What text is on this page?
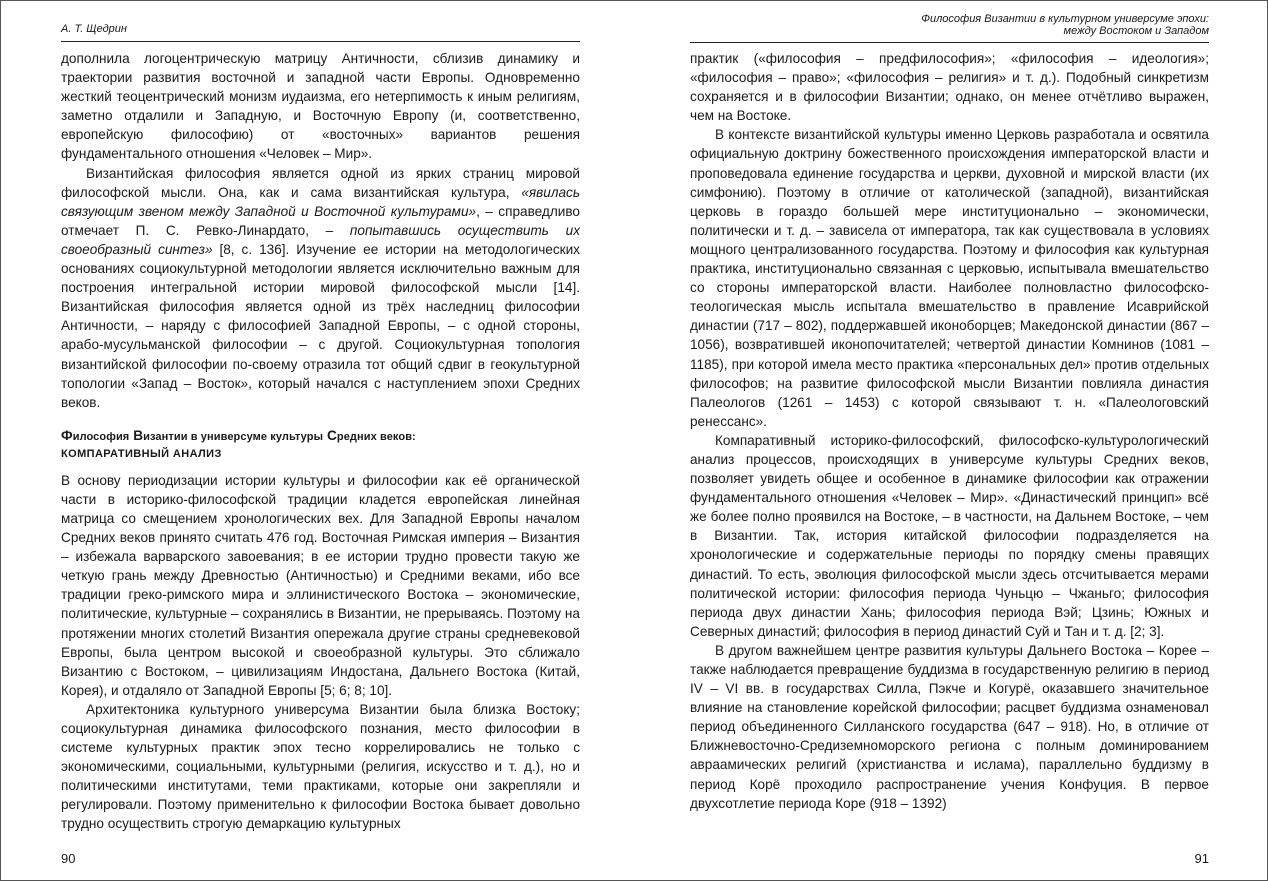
А. Т. Щедрин

дополнила логоцентрическую матрицу Античности, сблизив динамику и траектории развития восточной и западной части Европы. Одновременно жесткий теоцентрический монизм иудаизма, его нетерпимость к иным религиям, заметно отдалили и Западную, и Восточную Европу (и, соответственно, европейскую философию) от «восточных» вариантов решения фундаментального отношения «Человек – Мир».

Византийская философия является одной из ярких страниц мировой философской мысли. Она, как и сама византийская культура, «явилась связующим звеном между Западной и Восточной культурами», – справедливо отмечает П. С. Ревко-Линардато, – попытавшись осуществить их своеобразный синтез» [8, с. 136]. Изучение ее истории на методологических основаниях социокультурной методологии является исключительно важным для построения интегральной истории мировой философской мысли [14]. Византийская философия является одной из трёх наследниц философии Античности, – наряду с философией Западной Европы, – с одной стороны, арабо-мусульманской философии – с другой. Социокультурная топология византийской философии по-своему отразила тот общий сдвиг в геокультурной топологии «Запад – Восток», который начался с наступлением эпохи Средних веков.

Философия Византии в универсуме культуры Средних веков:
КОМПАРАТИВНЫЙ АНАЛИЗ

В основу периодизации истории культуры и философии как её органической части в историко-философской традиции кладется европейская линейная матрица со смещением хронологических вех. Для Западной Европы началом Средних веков принято считать 476 год. Восточная Римская империя – Византия – избежала варварского завоевания; в ее истории трудно провести такую же четкую грань между Древностью (Античностью) и Средними веками, ибо все традиции греко-римского мира и эллинистического Востока – экономические, политические, культурные – сохранялись в Византии, не прерываясь. Поэтому на протяжении многих столетий Византия опережала другие страны средневековой Европы, была центром высокой и своеобразной культуры. Это сближало Византию с Востоком, – цивилизациям Индостана, Дальнего Востока (Китай, Корея), и отдаляло от Западной Европы [5; 6; 8; 10].

Архитектоника культурного универсума Византии была близка Востоку; социокультурная динамика философского познания, место философии в системе культурных практик эпох тесно коррелировались не только с экономическими, социальными, культурными (религия, искусство и т. д.), но и политическими институтами, теми практиками, которые они закрепляли и регулировали. Поэтому применительно к философии Востока бывает довольно трудно осуществить строгую демаркацию культурных

90
Философия Византии в культурном универсуме эпохи:
между Востоком и Западом

практик («философия – предфилософия»; «философия – идеология»; «философия – право»; «философия – религия» и т. д.). Подобный синкретизм сохраняется и в философии Византии; однако, он менее отчётливо выражен, чем на Востоке.

В контексте византийской культуры именно Церковь разработала и освятила официальную доктрину божественного происхождения императорской власти и проповедовала единение государства и церкви, духовной и мирской власти (их симфонию). Поэтому в отличие от католической (западной), византийская церковь в гораздо большей мере институционально – экономически, политически и т. д. – зависела от императора, так как существовала в условиях мощного централизованного государства. Поэтому и философия как культурная практика, институционально связанная с церковью, испытывала вмешательство со стороны императорской власти. Наиболее полновластно философско-теологическая мысль испытала вмешательство в правление Исаврийской династии (717 – 802), поддержавшей иконоборцев; Македонской династии (867 – 1056), возвратившей иконопочитателей; четвертой династии Комнинов (1081 – 1185), при которой имела место практика «персональных дел» против отдельных философов; на развитие философской мысли Византии повлияла династия Палеологов (1261 – 1453) с которой связывают т. н. «Палеологовский ренессанс».

Компаративный историко-философский, философско-культурологический анализ процессов, происходящих в универсуме культуры Средних веков, позволяет увидеть общее и особенное в динамике философии как отражении фундаментального отношения «Человек – Мир». «Династический принцип» всё же более полно проявился на Востоке, – в частности, на Дальнем Востоке, – чем в Византии. Так, история китайской философии подразделяется на хронологические и содержательные периоды по порядку смены правящих династий. То есть, эволюция философской мысли здесь отсчитывается мерами политической истории: философия периода Чуньцю – Чжаньго; философия периода двух династии Хань; философия периода Вэй; Цзинь; Южных и Северных династий; философия в период династий Суй и Тан и т. д. [2; 3].

В другом важнейшем центре развития культуры Дальнего Востока – Корее – также наблюдается превращение буддизма в государственную религию в период IV – VI вв. в государствах Силла, Пэкче и Когурё, оказавшего значительное влияние на становление корейской философии; расцвет буддизма ознаменовал период объединенного Силланского государства (647 – 918). Но, в отличие от Ближневосточно-Средиземноморского региона с полным доминированием авраамических религий (христианства и ислама), параллельно буддизму в период Корё проходило распространение учения Конфуция. В первое двухсотлетие периода Коре (918 – 1392)

91
